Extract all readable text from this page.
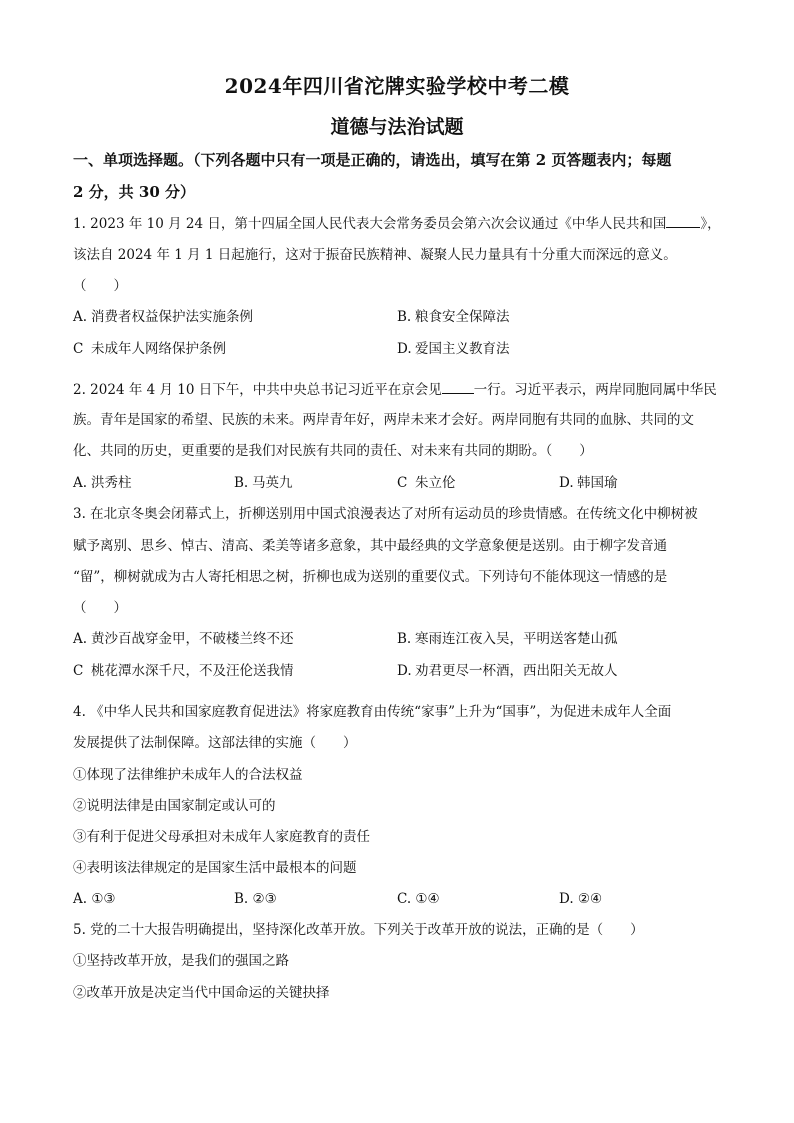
2024年四川省沱牌实验学校中考二模
道德与法治试题
一、单项选择题。（下列各题中只有一项是正确的，请选出，填写在第 2 页答题表内；每题
2 分，共 30 分）
1. 2023 年 10 月 24 日，第十四届全国人民代表大会常务委员会第六次会议通过《中华人民共和国	》，
该法自 2024 年 1 月 1 日起施行，这对于振奋民族精神、凝聚人民力量具有十分重大而深远的意义。
（　　）
A. 消费者权益保护法实施条例	B. 粮食安全保障法
C 未成年人网络保护条例	D. 爱国主义教育法
2. 2024 年 4 月 10 日下午，中共中央总书记习近平在京会见 一行。习近平表示，两岸同胞同属中华民
族。青年是国家的希望、民族的未来。两岸青年好，两岸未来才会好。两岸同胞有共同的血脉、共同的文
化、共同的历史，更重要的是我们对民族有共同的责任、对未来有共同的期盼。（　　）
A. 洪秀柱	B. 马英九	C 朱立伦	D. 韩国瑜
3. 在北京冬奥会闭幕式上，折柳送别用中国式浪漫表达了对所有运动员的珍贵情感。在传统文化中柳树被
赋予离别、思乡、悼古、清高、柔美等诸多意象，其中最经典的文学意象便是送别。由于柳字发音通
“留”，柳树就成为古人寄托相思之树，折柳也成为送别的重要仪式。下列诗句不能体现这一情感的是
（　　）
A. 黄沙百战穿金甲，不破楼兰终不还	B. 寒雨连江夜入吴，平明送客楚山孤
C 桃花潭水深千尺，不及汪伦送我情	D. 劝君更尽一杯酒，西出阳关无故人
4. 《中华人民共和国家庭教育促进法》将家庭教育由传统“家事”上升为“国事”，为促进未成年人全面
发展提供了法制保障。这部法律的实施（　　）
①体现了法律维护未成年人的合法权益
②说明法律是由国家制定或认可的
③有利于促进父母承担对未成年人家庭教育的责任
④表明该法律规定的是国家生活中最根本的问题
A. ①③	B. ②③	C. ①④	D. ②④
5. 党的二十大报告明确提出，坚持深化改革开放。下列关于改革开放的说法，正确的是（　　）
①坚持改革开放，是我们的强国之路
②改革开放是决定当代中国命运的关键抉择
